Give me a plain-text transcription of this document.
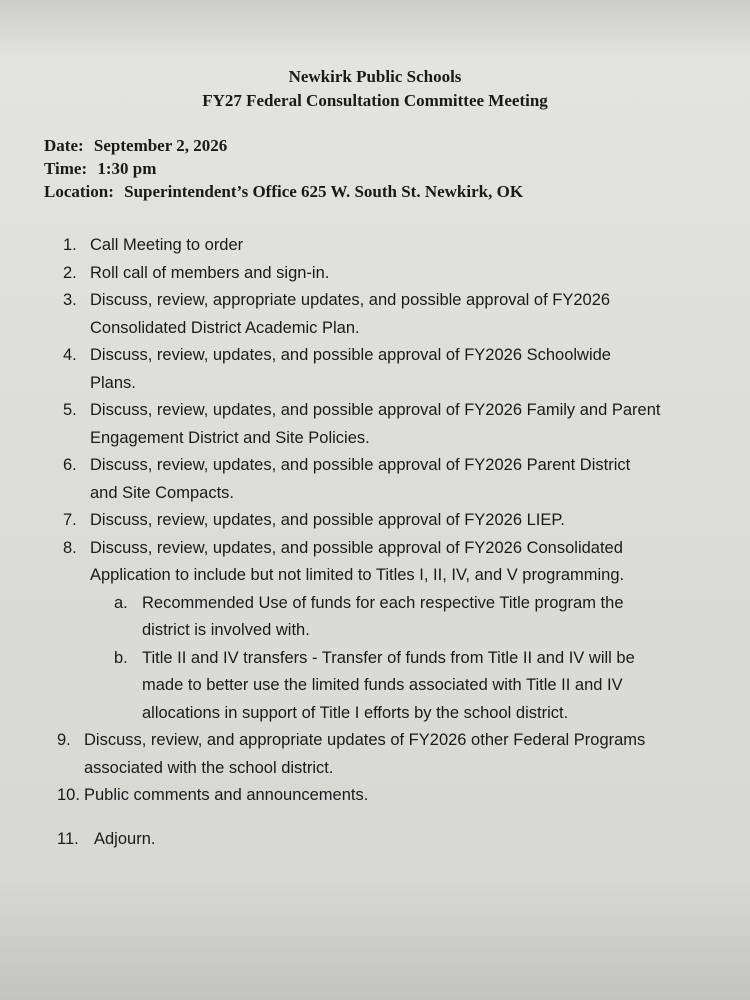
Newkirk Public Schools
FY27 Federal Consultation Committee Meeting
Date: September 2, 2026
Time: 1:30 pm
Location: Superintendent’s Office 625 W. South St. Newkirk, OK
1. Call Meeting to order
2. Roll call of members and sign-in.
3. Discuss, review, appropriate updates, and possible approval of FY2026
Consolidated District Academic Plan.
4. Discuss, review, updates, and possible approval of FY2026 Schoolwide
Plans.
5. Discuss, review, updates, and possible approval of FY2026 Family and Parent
Engagement District and Site Policies.
6. Discuss, review, updates, and possible approval of FY2026 Parent District
and Site Compacts.
7. Discuss, review, updates, and possible approval of FY2026 LIEP.
8. Discuss, review, updates, and possible approval of FY2026 Consolidated
Application to include but not limited to Titles I, II, IV, and V programming.
a. Recommended Use of funds for each respective Title program the
district is involved with.
b. Title II and IV transfers - Transfer of funds from Title II and IV will be
made to better use the limited funds associated with Title II and IV
allocations in support of Title I efforts by the school district.
9. Discuss, review, and appropriate updates of FY2026 other Federal Programs
associated with the school district.
10. Public comments and announcements.
11. Adjourn.
